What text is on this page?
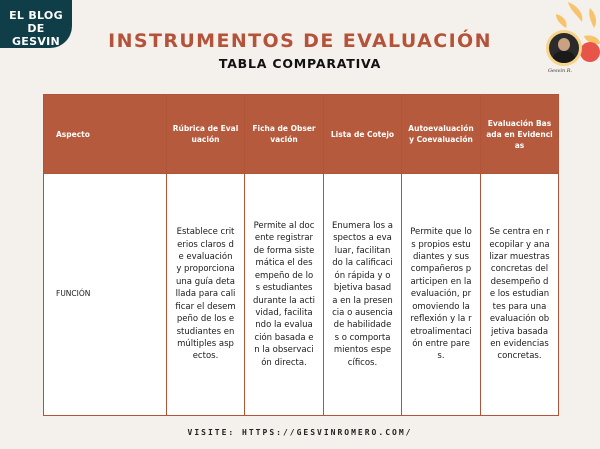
EL BLOG DE
GESVIN	INSTRUMENTOS DE EVALUACIÓN
TABLA COMPARATIVA	Gesvin R.
Aspecto	Rúbrica de Evaluación	Ficha de Observación	Lista de Cotejo	Autoevaluación y Coevaluación	Evaluación Basada en Evidencias
FUNCIÓN	Establece criterios claros de evaluación y proporciona una guía detallada para calificar el desempeño de los estudiantes en múltiples aspectos.	Permite al docente registrar de forma sistemática el desempeño de los estudiantes durante la actividad, facilitando la evaluación basada en la observación directa.	Enumera los aspectos a evaluar, facilitando la calificación rápida y objetiva basada en la presencia o ausencia de habilidades o comportamientos específicos.	Permite que los propios estudiantes y sus compañeros participen en la evaluación, promoviendo la reflexión y la retroalimentación entre pares.	Se centra en recopilar y analizar muestras concretas del desempeño de los estudiantes para una evaluación objetiva basada en evidencias concretas.
VISITE: HTTPS://GESVINROMERO.COM/
